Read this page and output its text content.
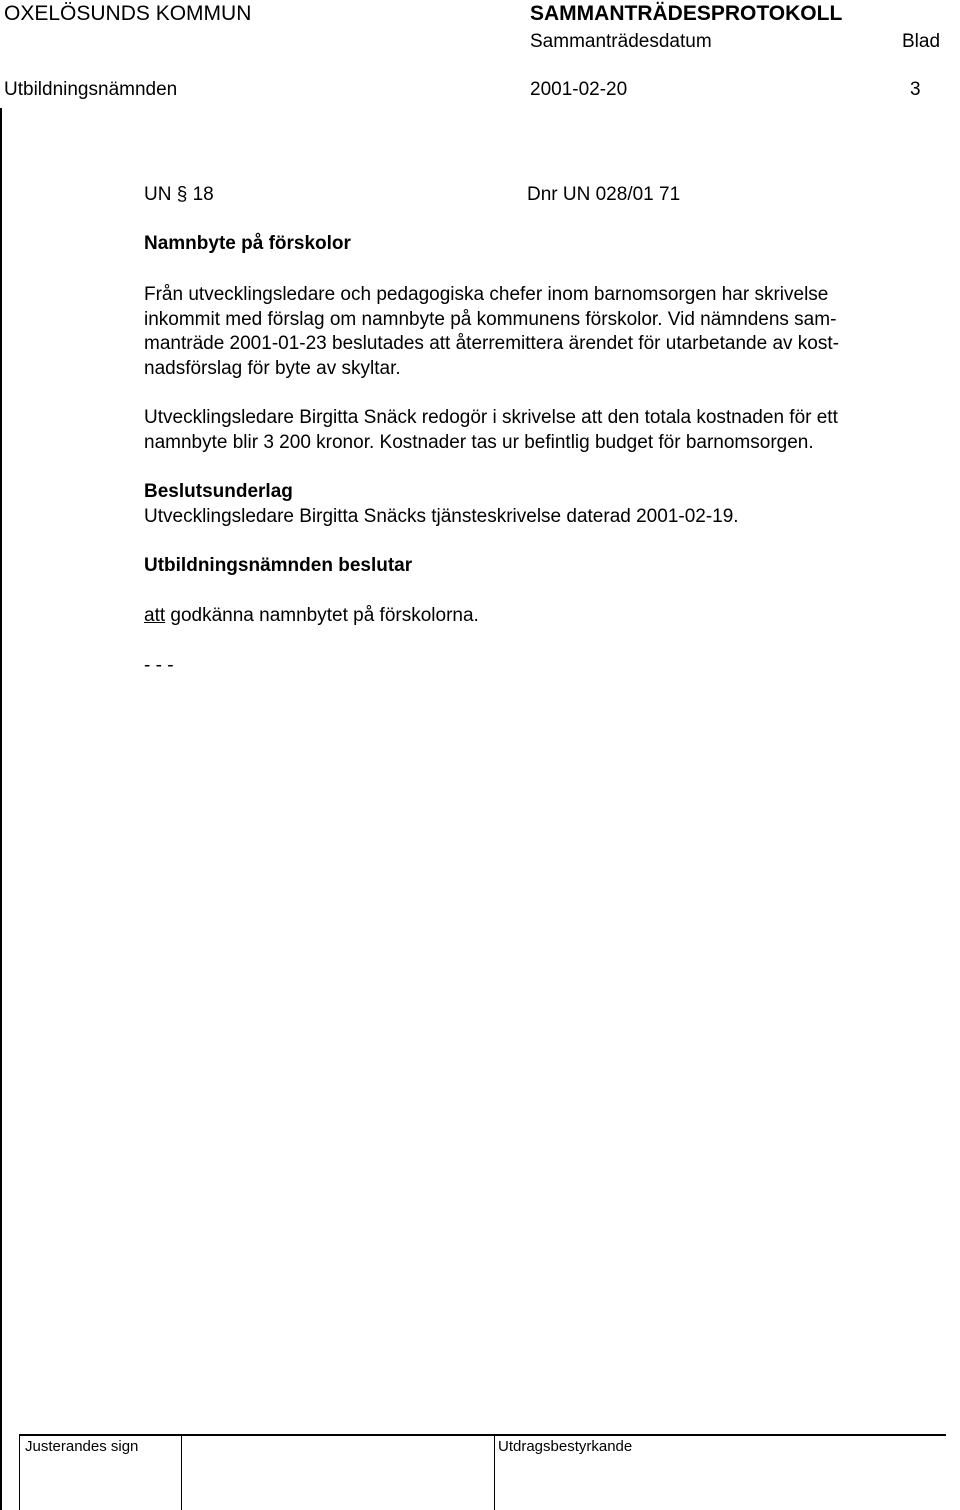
OXELÖSUNDS KOMMUN	SAMMANTRÄDESPROTOKOLL
Sammanträdesdatum	Blad
Utbildningsnämnden	2001-02-20	3
UN § 18	Dnr UN 028/01 71
Namnbyte på förskolor
Från utvecklingsledare och pedagogiska chefer inom barnomsorgen har skrivelse
inkommit med förslag om namnbyte på kommunens förskolor. Vid nämndens sam-
manträde 2001-01-23 beslutades att återremittera ärendet för utarbetande av kost-
nadsförslag för byte av skyltar.
Utvecklingsledare Birgitta Snäck redogör i skrivelse att den totala kostnaden för ett
namnbyte blir 3 200 kronor. Kostnader tas ur befintlig budget för barnomsorgen.
Beslutsunderlag
Utvecklingsledare Birgitta Snäcks tjänsteskrivelse daterad 2001-02-19.
Utbildningsnämnden beslutar
att godkänna namnbytet på förskolorna.
- - -
Justerandes sign	Utdragsbestyrkande
